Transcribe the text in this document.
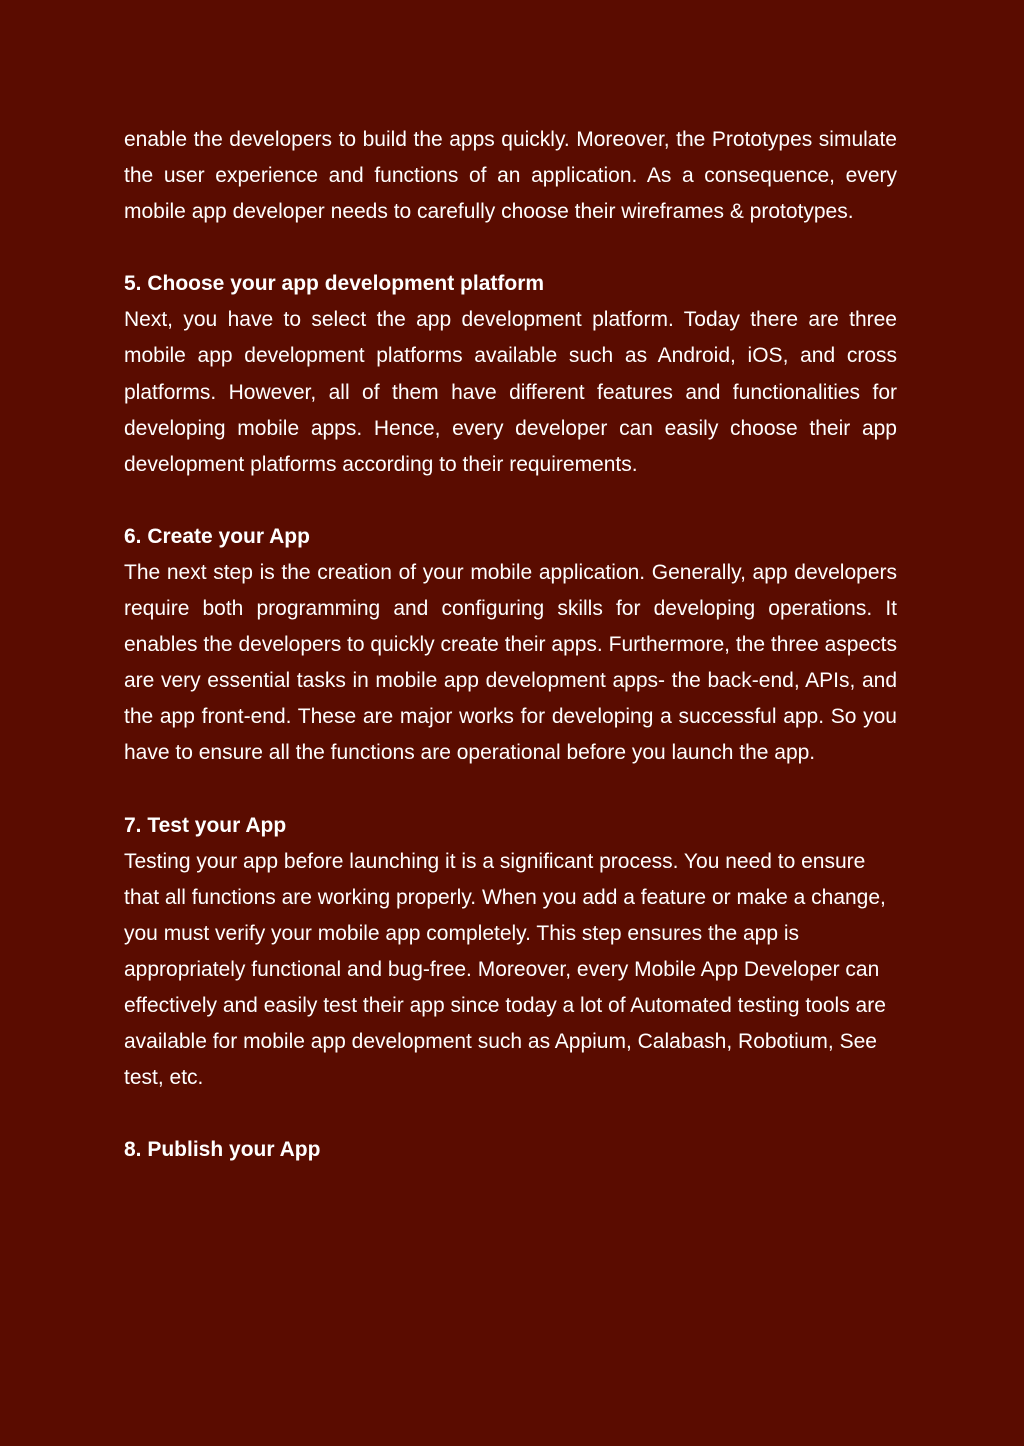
enable the developers to build the apps quickly. Moreover, the Prototypes simulate the user experience and functions of an application. As a consequence, every mobile app developer needs to carefully choose their wireframes & prototypes.

5. Choose your app development platform

Next, you have to select the app development platform. Today there are three mobile app development platforms available such as Android, iOS, and cross platforms. However, all of them have different features and functionalities for developing mobile apps. Hence, every developer can easily choose their app development platforms according to their requirements.

6. Create your App

The next step is the creation of your mobile application. Generally, app developers require both programming and configuring skills for developing operations. It enables the developers to quickly create their apps. Furthermore, the three aspects are very essential tasks in mobile app development apps- the back-end, APIs, and the app front-end. These are major works for developing a successful app. So you have to ensure all the functions are operational before you launch the app.

7. Test your App

Testing your app before launching it is a significant process. You need to ensure that all functions are working properly. When you add a feature or make a change, you must verify your mobile app completely. This step ensures the app is appropriately functional and bug-free. Moreover, every Mobile App Developer can effectively and easily test their app since today a lot of Automated testing tools are available for mobile app development such as Appium, Calabash, Robotium, See test, etc.

8. Publish your App
